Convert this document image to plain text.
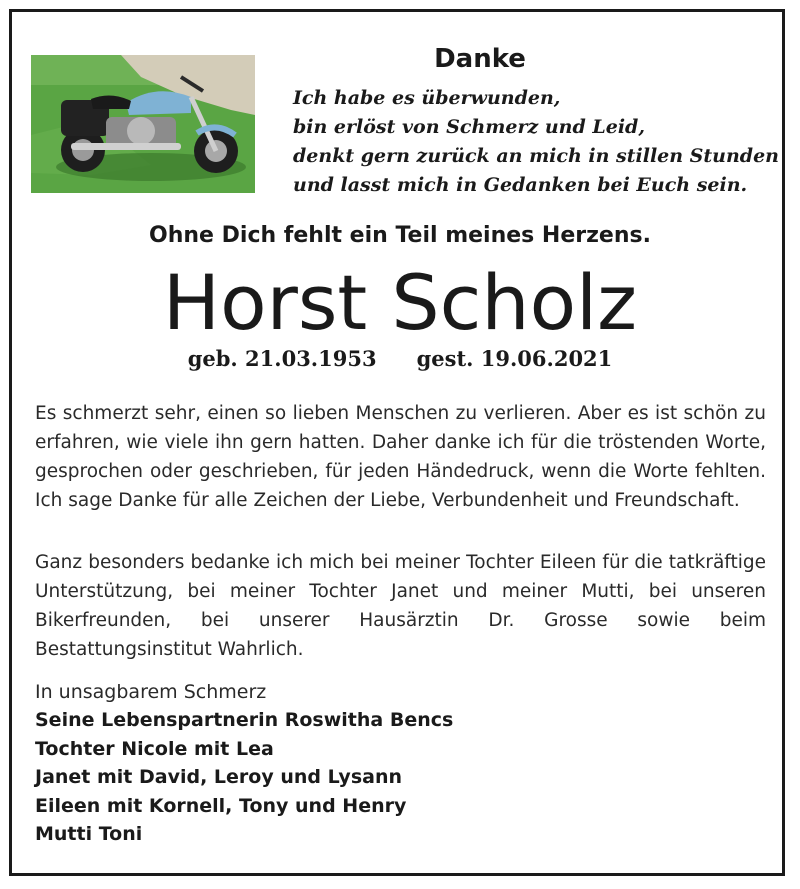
Danke
Ich habe es überwunden,
bin erlöst von Schmerz und Leid,
denkt gern zurück an mich in stillen Stunden
und lasst mich in Gedanken bei Euch sein.

Ohne Dich fehlt ein Teil meines Herzens.

Horst Scholz

geb. 21.03.1953 gest. 19.06.2021

Es schmerzt sehr, einen so lieben Menschen zu verlieren. Aber es ist schön zu erfahren, wie viele ihn gern hatten. Daher danke ich für die tröstenden Worte, gesprochen oder geschrieben, für jeden Händedruck, wenn die Worte fehlten. Ich sage Danke für alle Zeichen der Liebe, Verbundenheit und Freundschaft.

Ganz besonders bedanke ich mich bei meiner Tochter Eileen für die tatkräftige Unterstützung, bei meiner Tochter Janet und meiner Mutti, bei unseren Bikerfreunden, bei unserer Hausärztin Dr. Grosse sowie beim Bestattungsinstitut Wahrlich.

In unsagbarem Schmerz

Seine Lebenspartnerin Roswitha Bencs
Tochter Nicole mit Lea
Janet mit David, Leroy und Lysann
Eileen mit Kornell, Tony und Henry
Mutti Toni
